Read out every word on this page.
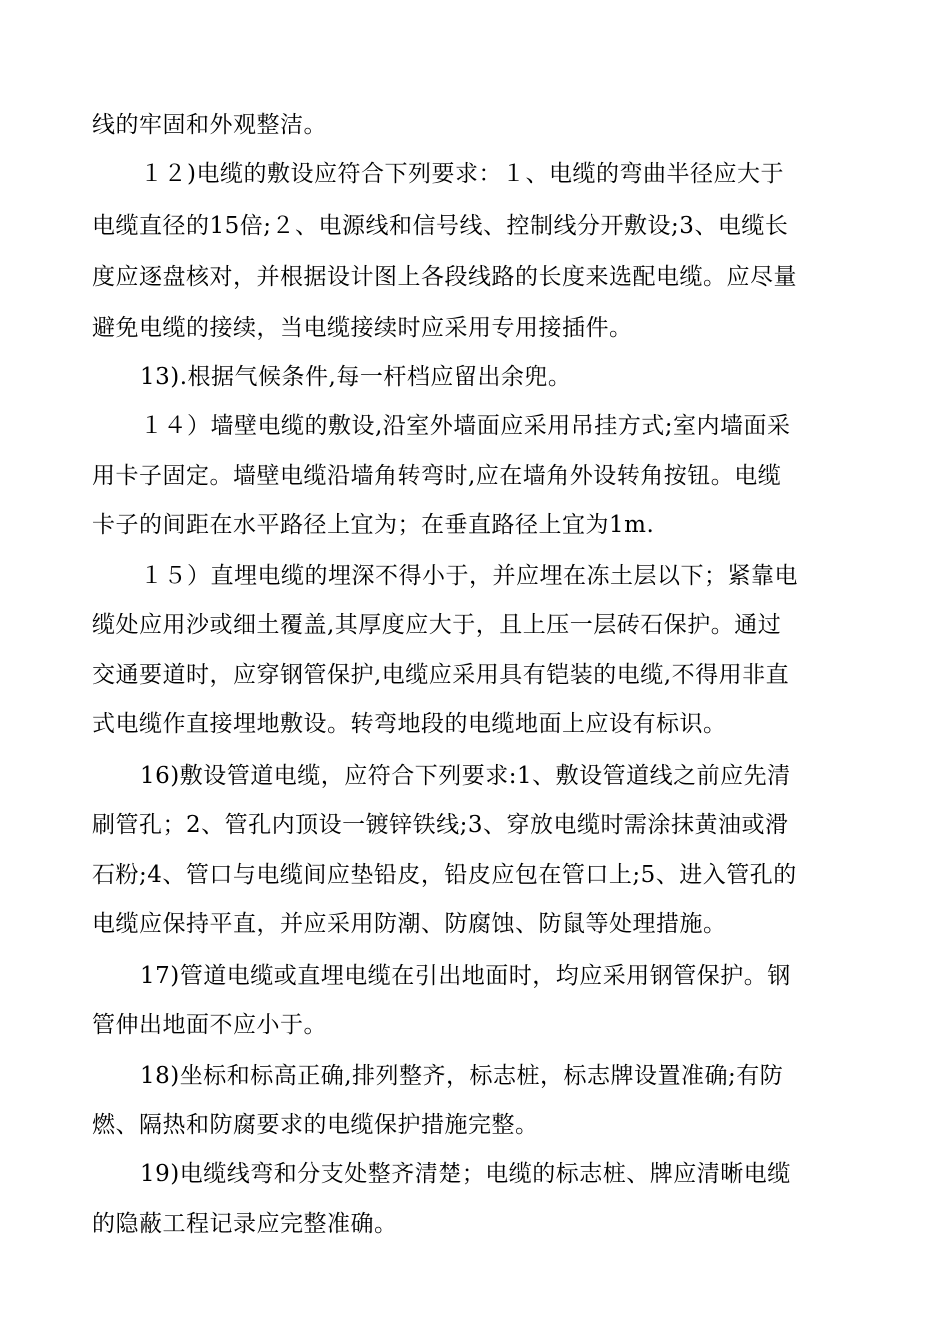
线的牢固和外观整洁。
１２)电缆的敷设应符合下列要求：１、电缆的弯曲半径应大于
电缆直径的15倍;２、电源线和信号线、控制线分开敷设;3、电缆长
度应逐盘核对，并根据设计图上各段线路的长度来选配电缆。应尽量
避免电缆的接续，当电缆接续时应采用专用接插件。
13).根据气候条件,每一杆档应留出余兜。
１４）墙壁电缆的敷设,沿室外墙面应采用吊挂方式;室内墙面采
用卡子固定。墙壁电缆沿墙角转弯时,应在墙角外设转角按钮。电缆
卡子的间距在水平路径上宜为；在垂直路径上宜为1m.
１５）直埋电缆的埋深不得小于，并应埋在冻土层以下；紧靠电
缆处应用沙或细土覆盖,其厚度应大于，且上压一层砖石保护。通过
交通要道时，应穿钢管保护,电缆应采用具有铠装的电缆,不得用非直
式电缆作直接埋地敷设。转弯地段的电缆地面上应设有标识。
16)敷设管道电缆，应符合下列要求:1、敷设管道线之前应先清
刷管孔；2、管孔内顶设一镀锌铁线;3、穿放电缆时需涂抹黄油或滑
石粉;4、管口与电缆间应垫铅皮，铅皮应包在管口上;5、进入管孔的
电缆应保持平直，并应采用防潮、防腐蚀、防鼠等处理措施。
17)管道电缆或直埋电缆在引出地面时，均应采用钢管保护。钢
管伸出地面不应小于。
18)坐标和标高正确,排列整齐，标志桩，标志牌设置准确;有防
燃、隔热和防腐要求的电缆保护措施完整。
19)电缆线弯和分支处整齐清楚；电缆的标志桩、牌应清晰电缆
的隐蔽工程记录应完整准确。
